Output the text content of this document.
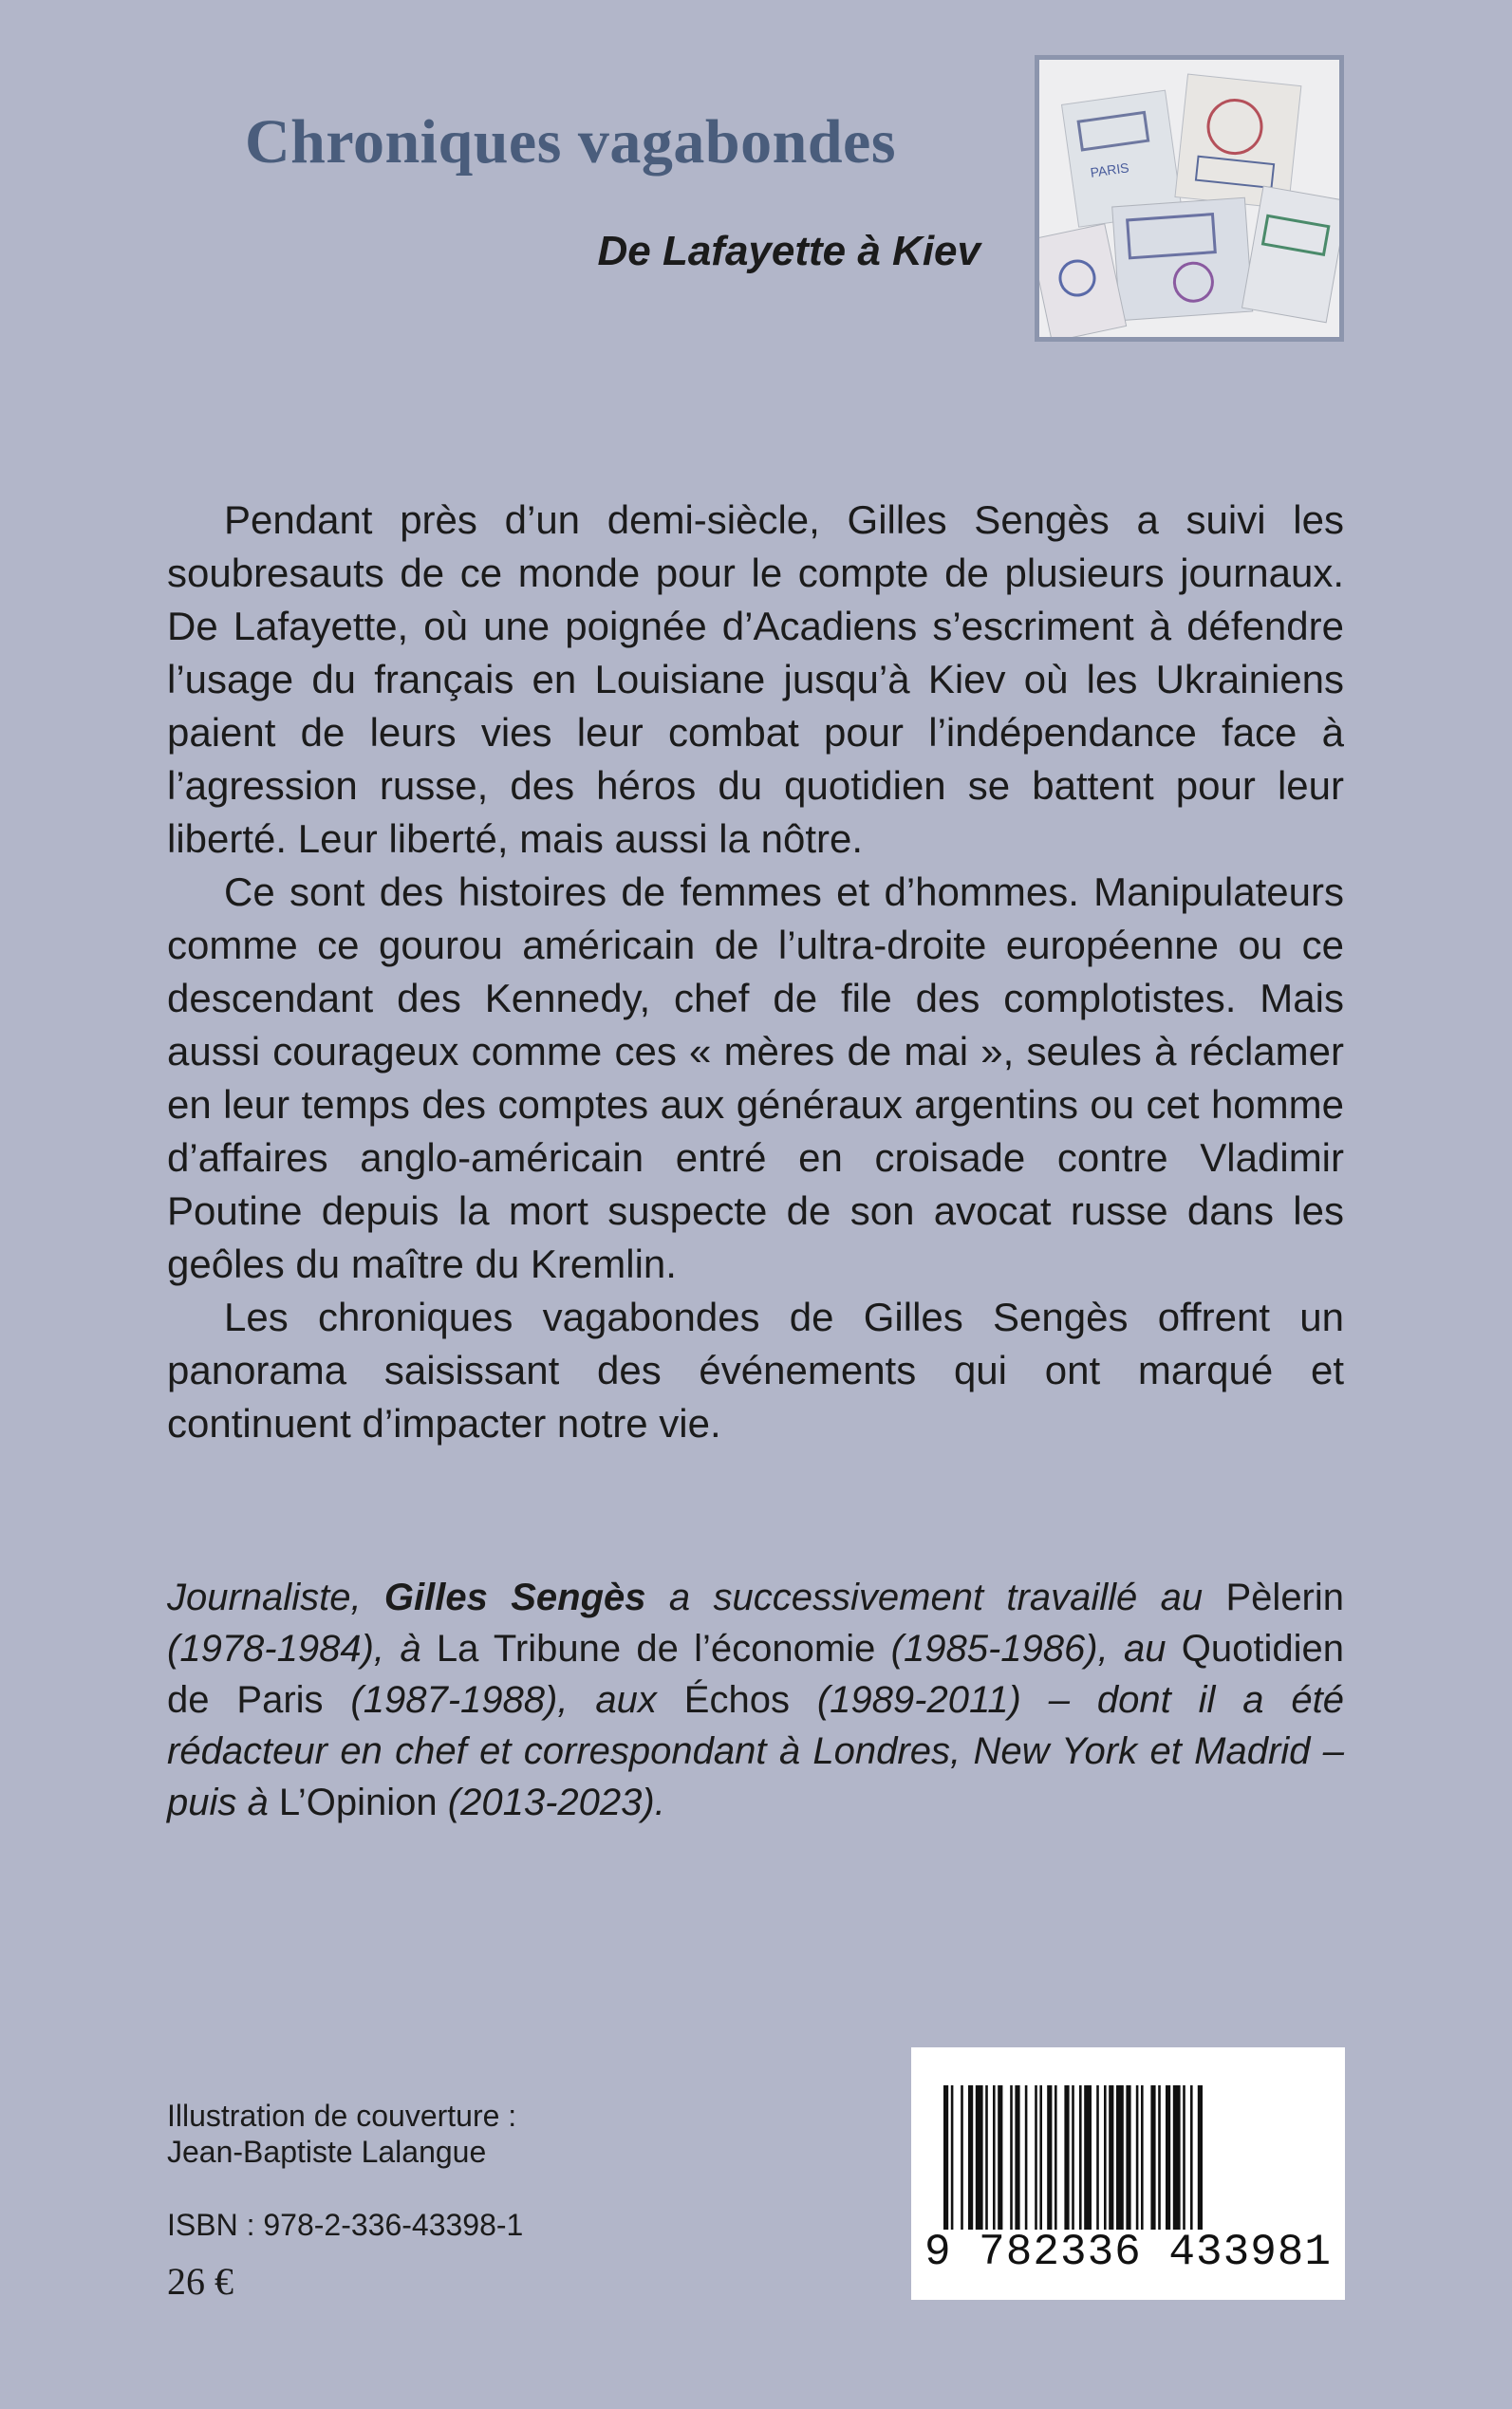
Chroniques vagabondes
De Lafayette à Kiev
PARIS

Pendant près d’un demi-siècle, Gilles Sengès a suivi les soubresauts de ce monde pour le compte de plusieurs journaux. De Lafayette, où une poignée d’Acadiens s’escriment à défendre l’usage du français en Louisiane jusqu’à Kiev où les Ukrainiens paient de leurs vies leur combat pour l’indépendance face à l’agression russe, des héros du quotidien se battent pour leur liberté. Leur liberté, mais aussi la nôtre.

Ce sont des histoires de femmes et d’hommes. Manipulateurs comme ce gourou américain de l’ultra-droite européenne ou ce descendant des Kennedy, chef de file des complotistes. Mais aussi courageux comme ces « mères de mai », seules à réclamer en leur temps des comptes aux généraux argentins ou cet homme d’affaires anglo-américain entré en croisade contre Vladimir Poutine depuis la mort suspecte de son avocat russe dans les geôles du maître du Kremlin.

Les chroniques vagabondes de Gilles Sengès offrent un panorama saisissant des événements qui ont marqué et continuent d’impacter notre vie.

Journaliste, Gilles Sengès a successivement travaillé au Pèlerin (1978-1984), à La Tribune de l’économie (1985-1986), au Quotidien de Paris (1987-1988), aux Échos (1989-2011) – dont il a été rédacteur en chef et correspondant à Londres, New York et Madrid – puis à L’Opinion (2013-2023).

Illustration de couverture :
Jean-Baptiste Lalangue
ISBN : 978-2-336-43398-1
26 €
9 782336 433981
